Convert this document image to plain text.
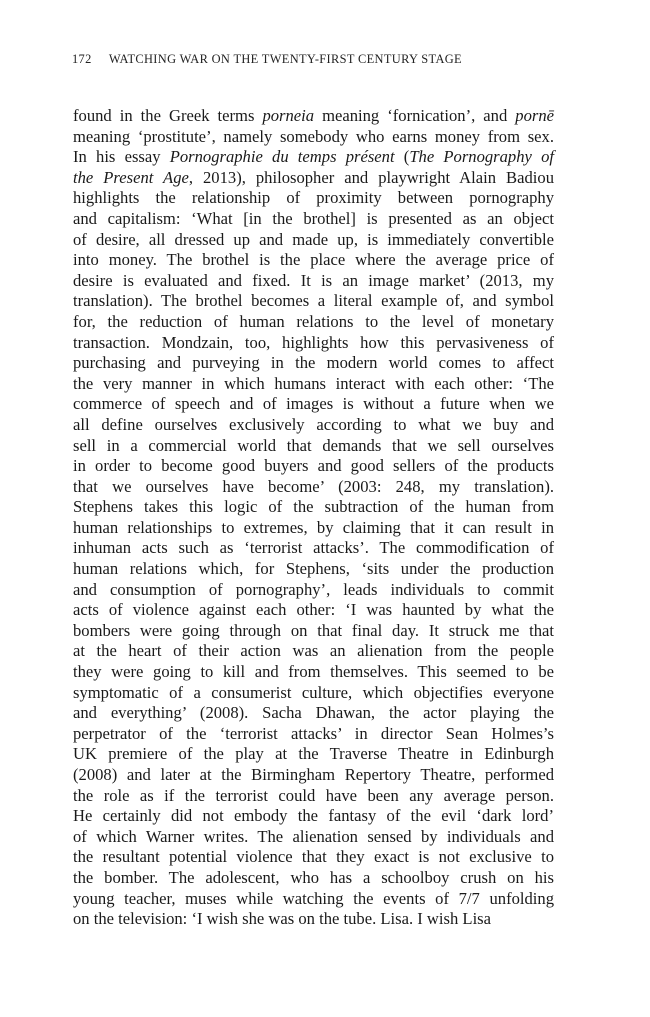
172 WATCHING WAR ON THE TWENTY-FIRST CENTURY STAGE
found in the Greek terms porneia meaning ‘fornication’, and pornē
meaning ‘prostitute’, namely somebody who earns money from sex.
In his essay Pornographie du temps présent (The Pornography of
the Present Age, 2013), philosopher and playwright Alain Badiou
highlights the relationship of proximity between pornography
and capitalism: ‘What [in the brothel] is presented as an object
of desire, all dressed up and made up, is immediately convertible
into money. The brothel is the place where the average price of
desire is evaluated and fixed. It is an image market’ (2013, my
translation). The brothel becomes a literal example of, and symbol
for, the reduction of human relations to the level of monetary
transaction. Mondzain, too, highlights how this pervasiveness of
purchasing and purveying in the modern world comes to affect
the very manner in which humans interact with each other: ‘The
commerce of speech and of images is without a future when we
all define ourselves exclusively according to what we buy and
sell in a commercial world that demands that we sell ourselves
in order to become good buyers and good sellers of the products
that we ourselves have become’ (2003: 248, my translation).
Stephens takes this logic of the subtraction of the human from
human relationships to extremes, by claiming that it can result in
inhuman acts such as ‘terrorist attacks’. The commodification of
human relations which, for Stephens, ‘sits under the production
and consumption of pornography’, leads individuals to commit
acts of violence against each other: ‘I was haunted by what the
bombers were going through on that final day. It struck me that
at the heart of their action was an alienation from the people
they were going to kill and from themselves. This seemed to be
symptomatic of a consumerist culture, which objectifies everyone
and everything’ (2008). Sacha Dhawan, the actor playing the
perpetrator of the ‘terrorist attacks’ in director Sean Holmes’s
UK premiere of the play at the Traverse Theatre in Edinburgh
(2008) and later at the Birmingham Repertory Theatre, performed
the role as if the terrorist could have been any average person.
He certainly did not embody the fantasy of the evil ‘dark lord’
of which Warner writes. The alienation sensed by individuals and
the resultant potential violence that they exact is not exclusive to
the bomber. The adolescent, who has a schoolboy crush on his
young teacher, muses while watching the events of 7/7 unfolding
on the television: ‘I wish she was on the tube. Lisa. I wish Lisa
